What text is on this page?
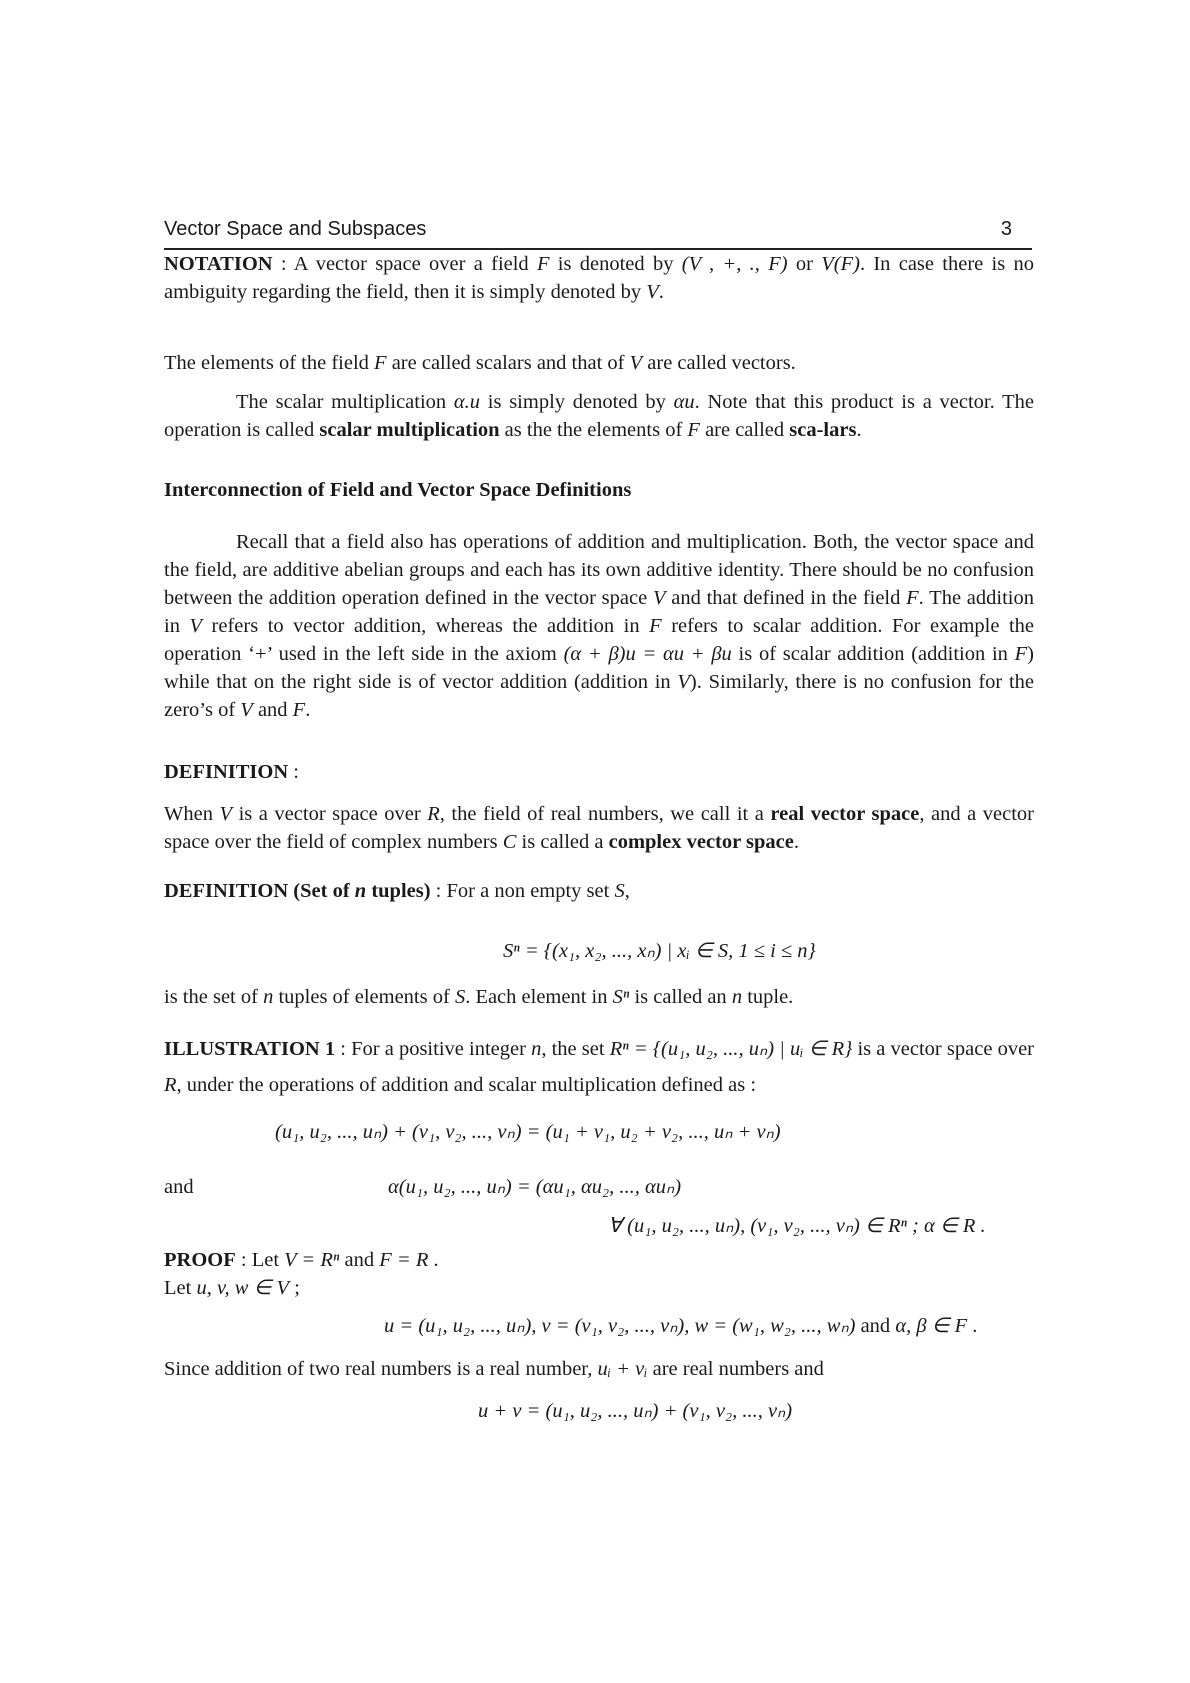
Vector Space and Subspaces	3
NOTATION : A vector space over a field F is denoted by (V , +, ., F) or V(F). In case there is no ambiguity regarding the field, then it is simply denoted by V.
The elements of the field F are called scalars and that of V are called vectors.
The scalar multiplication α.u is simply denoted by αu. Note that this product is a vector. The operation is called scalar multiplication as the the elements of F are called sca-lars.
Interconnection of Field and Vector Space Definitions
Recall that a field also has operations of addition and multiplication. Both, the vector space and the field, are additive abelian groups and each has its own additive identity. There should be no confusion between the addition operation defined in the vector space V and that defined in the field F. The addition in V refers to vector addition, whereas the addition in F refers to scalar addition. For example the operation ‘+’ used in the left side in the axiom (α + β)u = αu + βu is of scalar addition (addition in F) while that on the right side is of vector addition (addition in V). Similarly, there is no confusion for the zero’s of V and F.
DEFINITION :
When V is a vector space over R, the field of real numbers, we call it a real vector space, and a vector space over the field of complex numbers C is called a complex vector space.
DEFINITION (Set of n tuples) : For a non empty set S,
Sⁿ = {(x₁, x₂, ..., xₙ) | xᵢ ∈ S, 1 ≤ i ≤ n}
is the set of n tuples of elements of S. Each element in Sⁿ is called an n tuple.
ILLUSTRATION 1 : For a positive integer n, the set Rⁿ = {(u₁, u₂, ..., uₙ) | uᵢ ∈ R} is a vector space over R, under the operations of addition and scalar multiplication defined as :
(u₁, u₂, ..., uₙ) + (v₁, v₂, ..., vₙ) = (u₁ + v₁, u₂ + v₂, ..., uₙ + vₙ)
and	α(u₁, u₂, ..., uₙ) = (αu₁, αu₂, ..., αuₙ)
∀ (u₁, u₂, ..., uₙ), (v₁, v₂, ..., vₙ) ∈ Rⁿ ; α ∈ R .
PROOF : Let V = Rⁿ and F = R .
Let u, v, w ∈ V ;
u = (u₁, u₂, ..., uₙ), v = (v₁, v₂, ..., vₙ), w = (w₁, w₂, ..., wₙ) and α, β ∈ F .
Since addition of two real numbers is a real number, uᵢ + vᵢ are real numbers and
u + v = (u₁, u₂, ..., uₙ) + (v₁, v₂, ..., vₙ)
